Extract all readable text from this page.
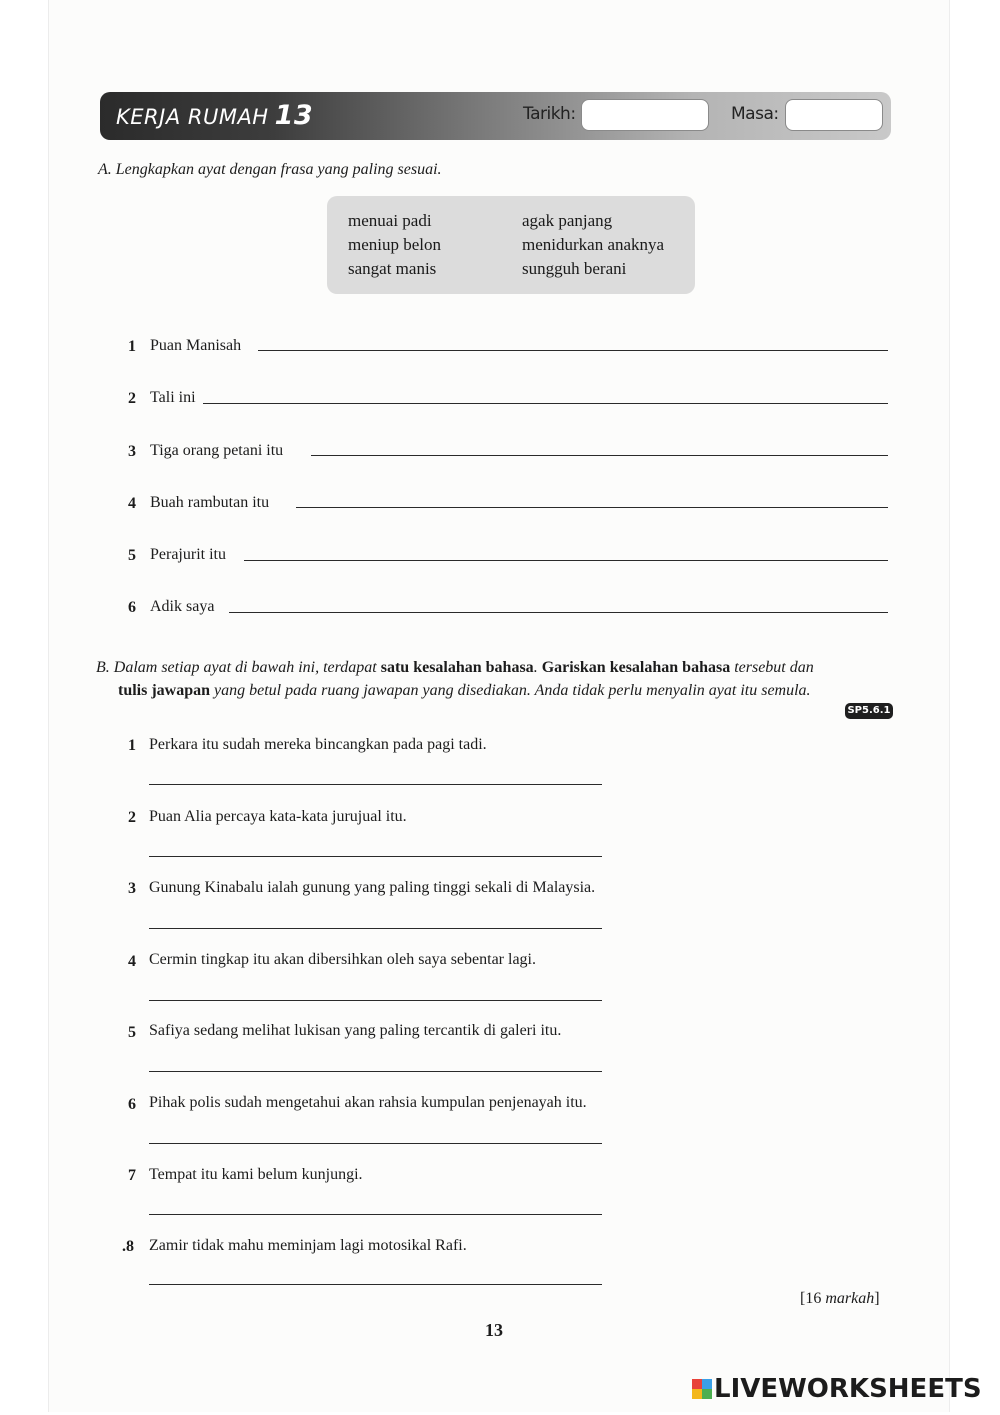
KERJA RUMAH 13	Tarikh:	Masa:
A. Lengkapkan ayat dengan frasa yang paling sesuai.
menuai padi
meniup belon
sangat manis
agak panjang
menidurkan anaknya
sungguh berani
1 Puan Manisah
2 Tali ini
3 Tiga orang petani itu
4 Buah rambutan itu
5 Perajurit itu
6 Adik saya
B. Dalam setiap ayat di bawah ini, terdapat satu kesalahan bahasa. Gariskan kesalahan bahasa tersebut dan
tulis jawapan yang betul pada ruang jawapan yang disediakan. Anda tidak perlu menyalin ayat itu semula.
SP5.6.1
1 Perkara itu sudah mereka bincangkan pada pagi tadi.
2 Puan Alia percaya kata-kata jurujual itu.
3 Gunung Kinabalu ialah gunung yang paling tinggi sekali di Malaysia.
4 Cermin tingkap itu akan dibersihkan oleh saya sebentar lagi.
5 Safiya sedang melihat lukisan yang paling tercantik di galeri itu.
6 Pihak polis sudah mengetahui akan rahsia kumpulan penjenayah itu.
7 Tempat itu kami belum kunjungi.
.8 Zamir tidak mahu meminjam lagi motosikal Rafi.
[16 markah]
13
LIVEWORKSHEETS
